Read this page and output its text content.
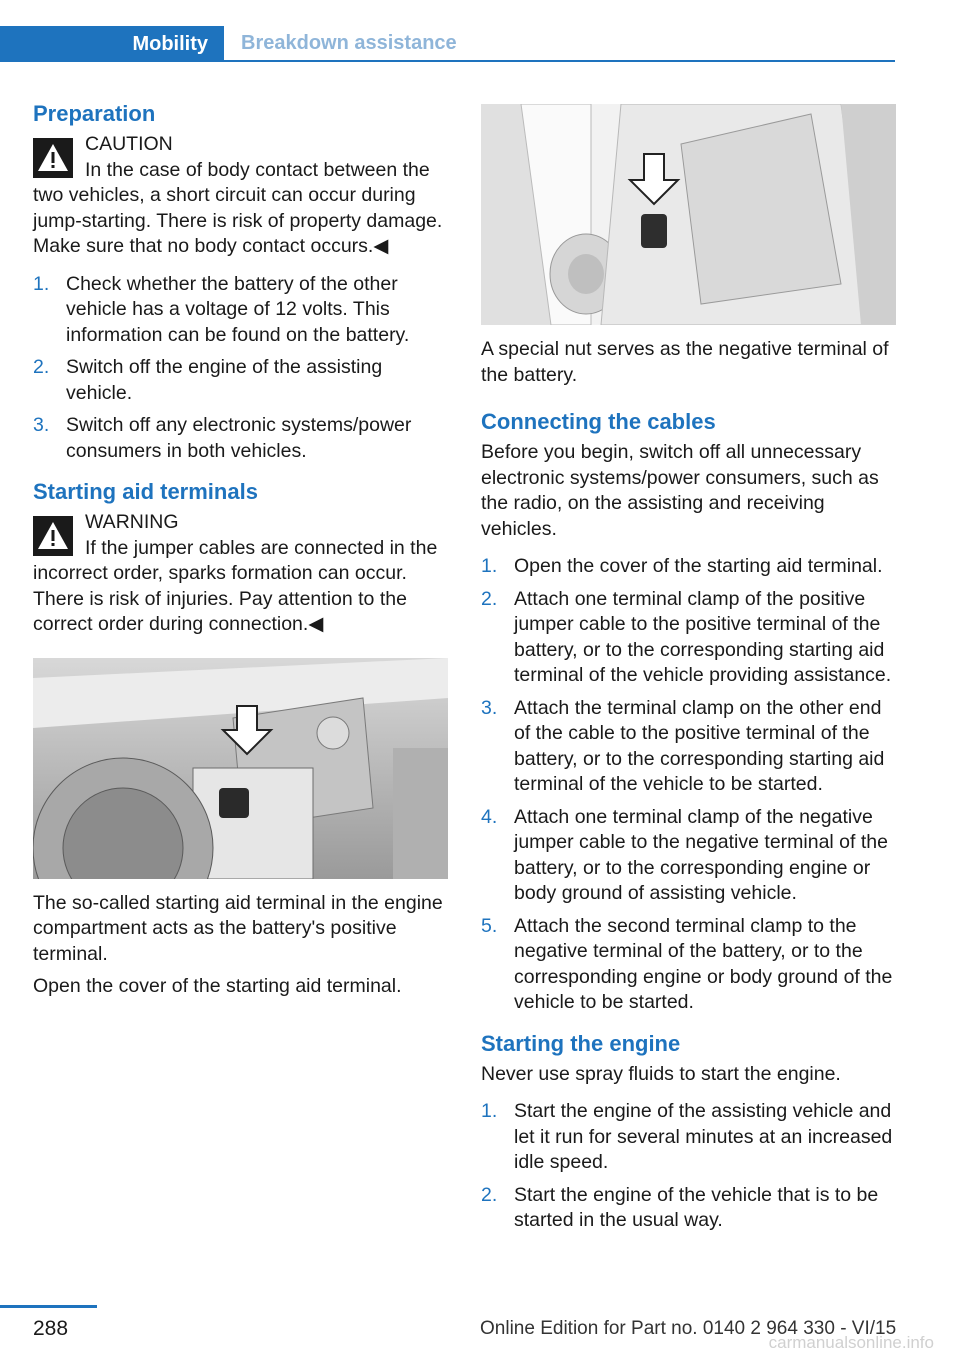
Mobility	Breakdown assistance
Preparation
CAUTION
In the case of body contact between the two vehicles, a short circuit can occur during jump-starting. There is risk of property damage. Make sure that no body contact occurs.◀
1. Check whether the battery of the other vehicle has a voltage of 12 volts. This information can be found on the battery.
2. Switch off the engine of the assisting vehicle.
3. Switch off any electronic systems/power consumers in both vehicles.
Starting aid terminals
WARNING
If the jumper cables are connected in the incorrect order, sparks formation can occur. There is risk of injuries. Pay attention to the correct order during connection.◀

The so-called starting aid terminal in the engine compartment acts as the battery's positive terminal.

Open the cover of the starting aid terminal.

A special nut serves as the negative terminal of the battery.

Connecting the cables

Before you begin, switch off all unnecessary electronic systems/power consumers, such as the radio, on the assisting and receiving vehicles.

1. Open the cover of the starting aid terminal.
2. Attach one terminal clamp of the positive jumper cable to the positive terminal of the battery, or to the corresponding starting aid terminal of the vehicle providing assistance.
3. Attach the terminal clamp on the other end of the cable to the positive terminal of the battery, or to the corresponding starting aid terminal of the vehicle to be started.
4. Attach one terminal clamp of the negative jumper cable to the negative terminal of the battery, or to the corresponding engine or body ground of assisting vehicle.
5. Attach the second terminal clamp to the negative terminal of the battery, or to the corresponding engine or body ground of the vehicle to be started.
Starting the engine

Never use spray fluids to start the engine.

1. Start the engine of the assisting vehicle and let it run for several minutes at an increased idle speed.
2. Start the engine of the vehicle that is to be started in the usual way.
288	Online Edition for Part no. 0140 2 964 330 - VI/15
carmanualsonline.info
